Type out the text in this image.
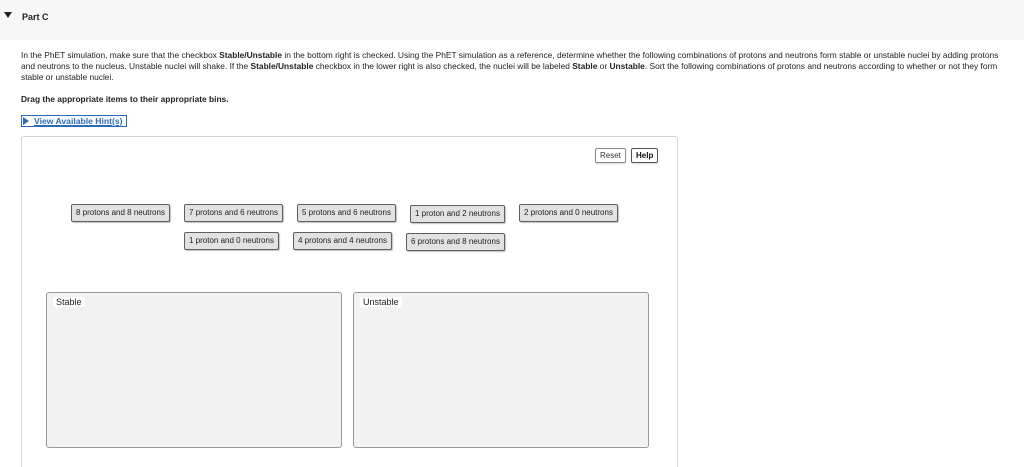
Part C
In the PhET simulation, make sure that the checkbox Stable/Unstable in the bottom right is checked. Using the PhET simulation as a reference, determine whether the following combinations of protons and neutrons form stable or unstable nuclei by adding protons and neutrons to the nucleus. Unstable nuclei will shake. If the Stable/Unstable checkbox in the lower right is also checked, the nuclei will be labeled Stable or Unstable. Sort the following combinations of protons and neutrons according to whether or not they form stable or unstable nuclei.
Drag the appropriate items to their appropriate bins.
View Available Hint(s)
Reset	Help
8 protons and 8 neutrons	7 protons and 6 neutrons	5 protons and 6 neutrons	1 proton and 2 neutrons	2 protons and 0 neutrons
1 proton and 0 neutrons	4 protons and 4 neutrons	6 protons and 8 neutrons
Stable	Unstable
